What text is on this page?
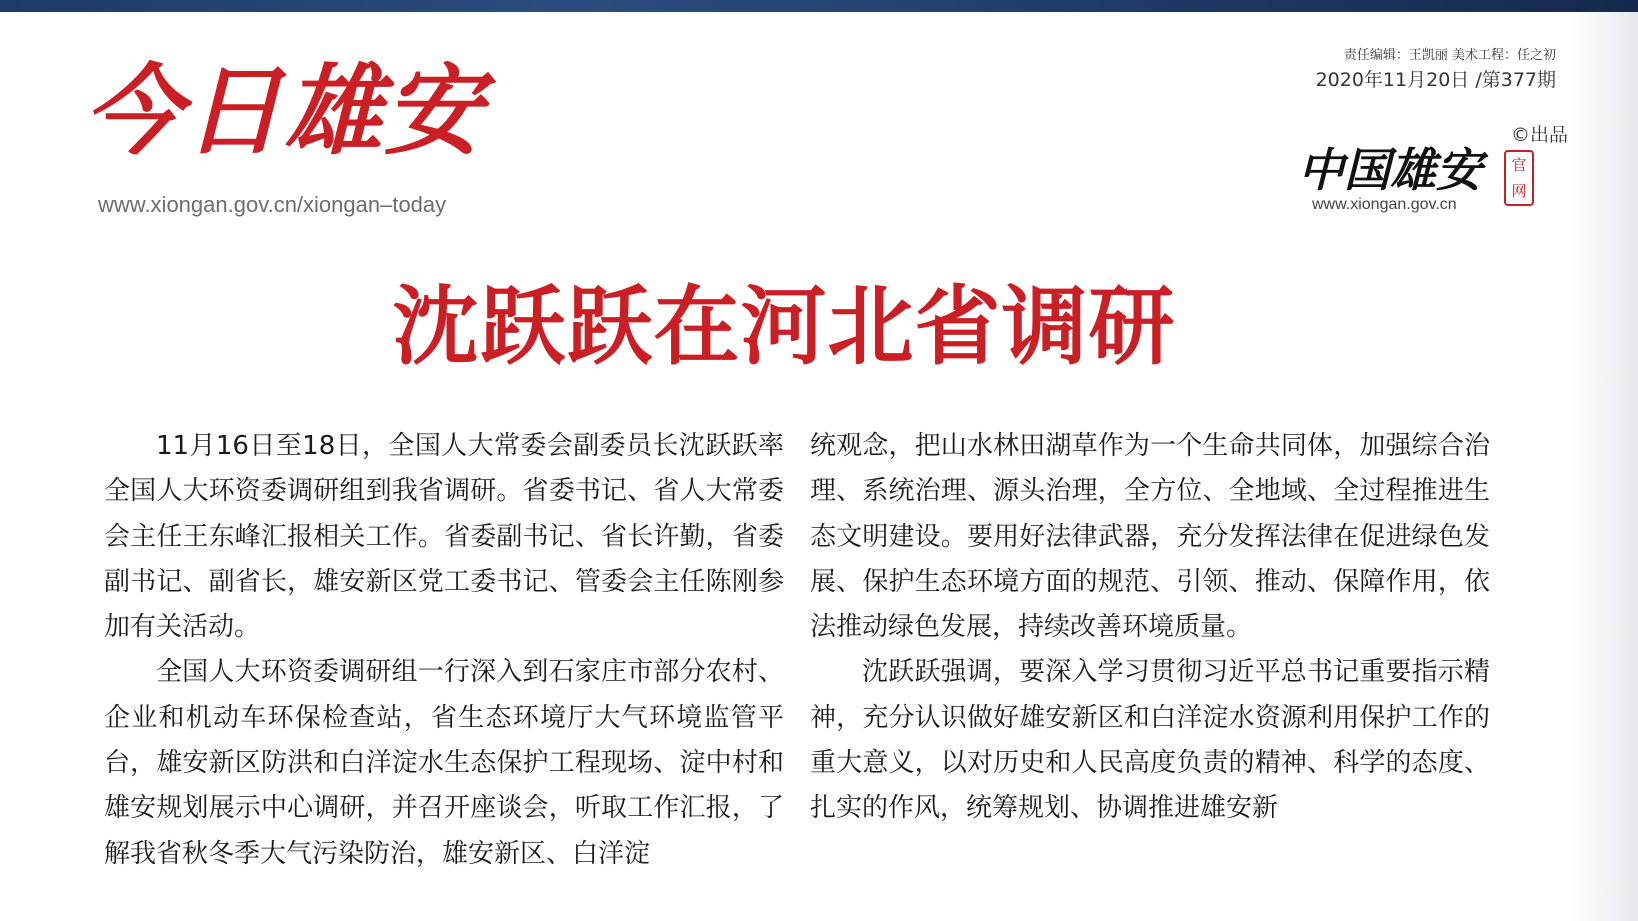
今日雄安
www.xiongan.gov.cn/xiongan–today
责任编辑：王凯丽 美术工程：任之初
2020年11月20日 /第377期
©出品
中国雄安	官网
www.xiongan.gov.cn
沈跃跃在河北省调研

11月16日至18日，全国人大常委会副委员长沈跃跃率全国人大环资委调研组到我省调研。省委书记、省人大常委会主任王东峰汇报相关工作。省委副书记、省长许勤，省委副书记、副省长，雄安新区党工委书记、管委会主任陈刚参加有关活动。

全国人大环资委调研组一行深入到石家庄市部分农村、企业和机动车环保检查站，省生态环境厅大气环境监管平台，雄安新区防洪和白洋淀水生态保护工程现场、淀中村和雄安规划展示中心调研，并召开座谈会，听取工作汇报，了解我省秋冬季大气污染防治，雄安新区、白洋淀

统观念，把山水林田湖草作为一个生命共同体，加强综合治理、系统治理、源头治理，全方位、全地域、全过程推进生态文明建设。要用好法律武器，充分发挥法律在促进绿色发展、保护生态环境方面的规范、引领、推动、保障作用，依法推动绿色发展，持续改善环境质量。

沈跃跃强调，要深入学习贯彻习近平总书记重要指示精神，充分认识做好雄安新区和白洋淀水资源利用保护工作的重大意义，以对历史和人民高度负责的精神、科学的态度、扎实的作风，统筹规划、协调推进雄安新
